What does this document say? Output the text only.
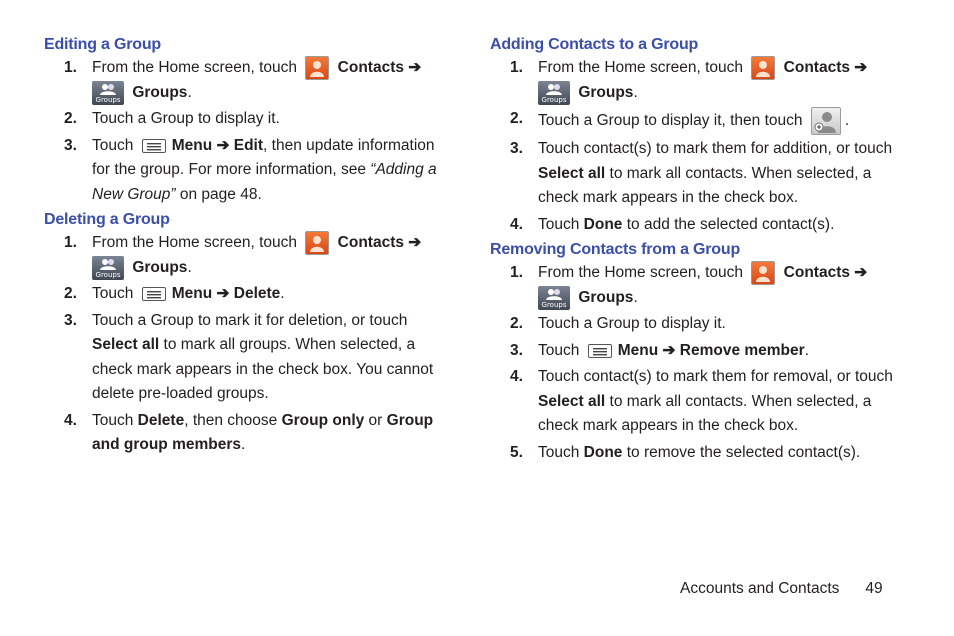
Editing a Group
1. From the Home screen, touch	Contacts ➔

Groups Groups.
2. Touch a Group to display it.
3. Touch Menu ➔ Edit, then update information for the group. For more information, see “Adding a New Group” on page 48.
Deleting a Group
1. From the Home screen, touch	Contacts ➔

Groups Groups.
2. Touch Menu ➔ Delete.
3. Touch a Group to mark it for deletion, or touch Select all to mark all groups. When selected, a check mark appears in the check box. You cannot delete pre-loaded groups.
4. Touch Delete, then choose Group only or Group and group members.
Adding Contacts to a Group
1. From the Home screen, touch	Contacts ➔

Groups Groups.
2. Touch a Group to display it, then touch	.
3. Touch contact(s) to mark them for addition, or touch Select all to mark all contacts. When selected, a check mark appears in the check box.
4. Touch Done to add the selected contact(s).
Removing Contacts from a Group
1. From the Home screen, touch	Contacts ➔

Groups Groups.
2. Touch a Group to display it.
3. Touch Menu ➔ Remove member.
4. Touch contact(s) to mark them for removal, or touch Select all to mark all contacts. When selected, a check mark appears in the check box.
5. Touch Done to remove the selected contact(s).
Accounts and Contacts 49
